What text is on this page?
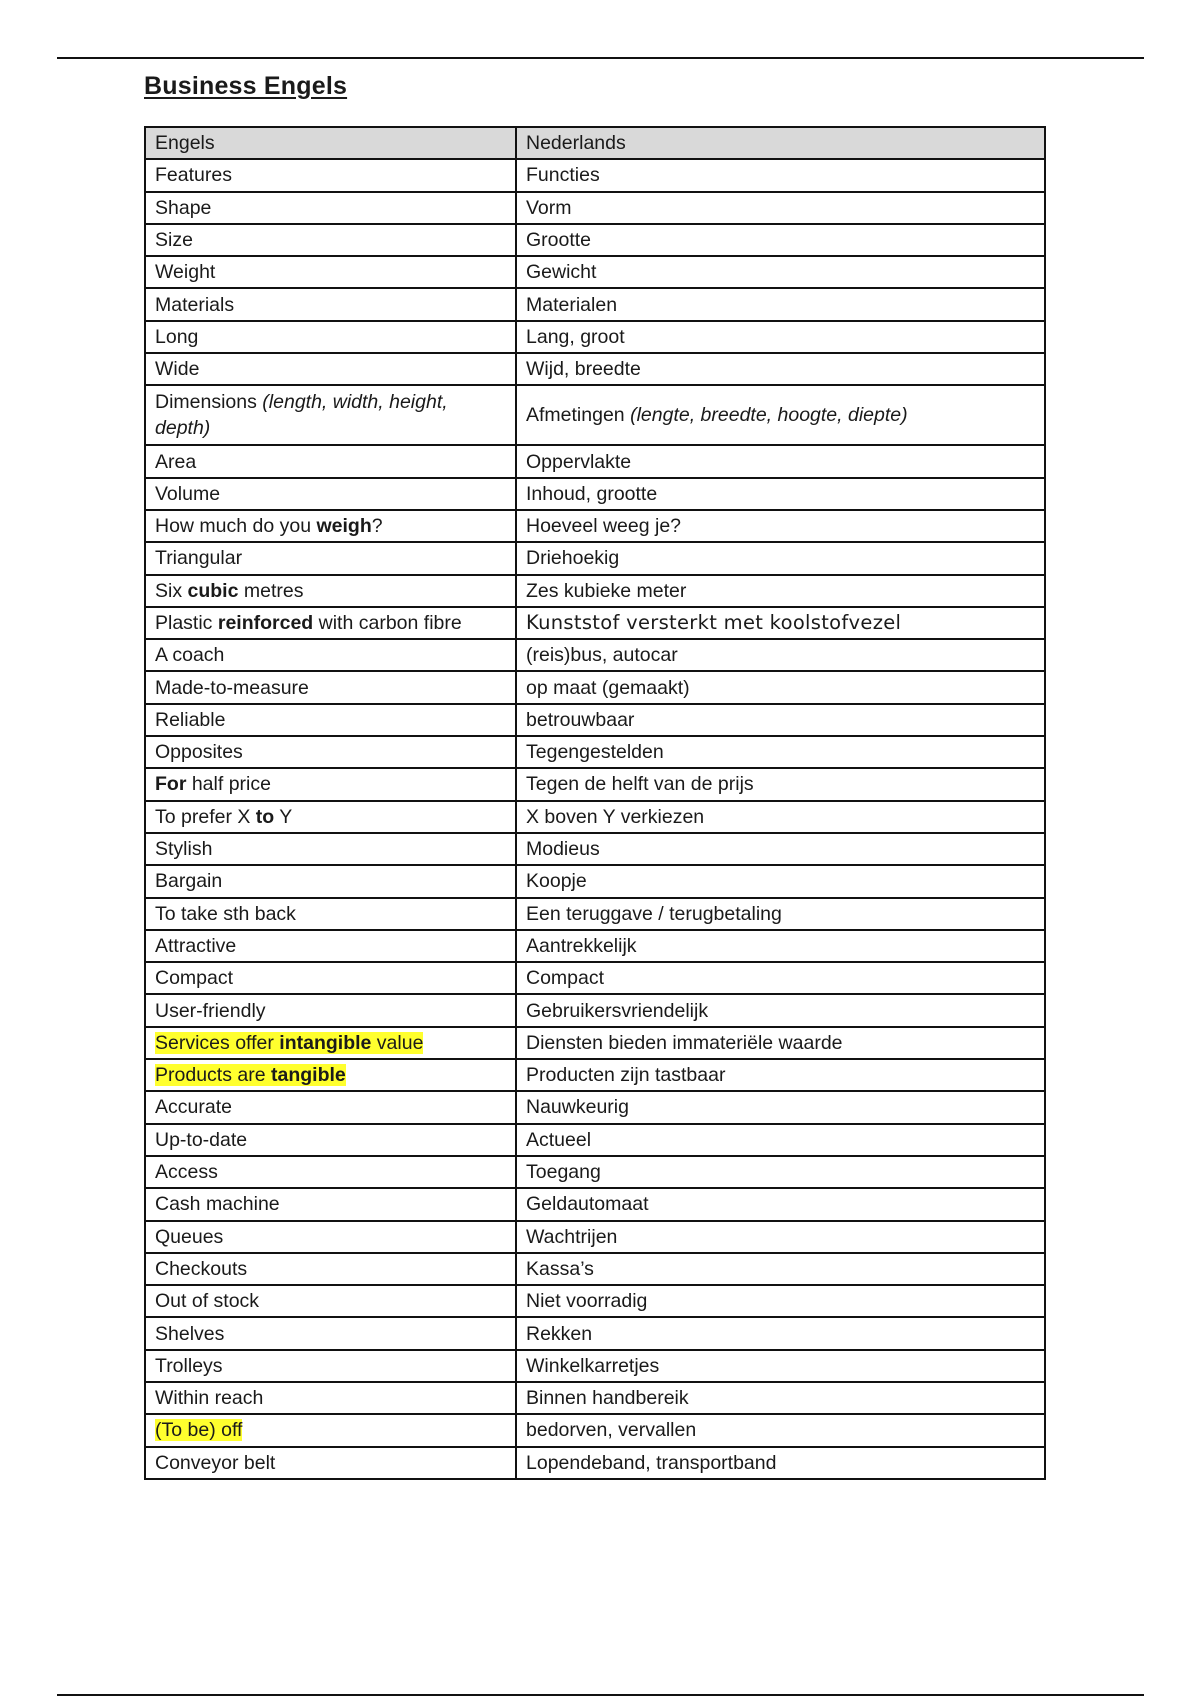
Business Engels
Engels	Nederlands
Features	Functies
Shape	Vorm
Size	Grootte
Weight	Gewicht
Materials	Materialen
Long	Lang, groot
Wide	Wijd, breedte
Dimensions (length, width, height, depth)	Afmetingen (lengte, breedte, hoogte, diepte)
Area	Oppervlakte
Volume	Inhoud, grootte
How much do you weigh?	Hoeveel weeg je?
Triangular	Driehoekig
Six cubic metres	Zes kubieke meter
Plastic reinforced with carbon fibre	Kunststof versterkt met koolstofvezel
A coach	(reis)bus, autocar
Made-to-measure	op maat (gemaakt)
Reliable	betrouwbaar
Opposites	Tegengestelden
For half price	Tegen de helft van de prijs
To prefer X to Y	X boven Y verkiezen
Stylish	Modieus
Bargain	Koopje
To take sth back	Een teruggave / terugbetaling
Attractive	Aantrekkelijk
Compact	Compact
User-friendly	Gebruikersvriendelijk
Services offer intangible value	Diensten bieden immateriële waarde
Products are tangible	Producten zijn tastbaar
Accurate	Nauwkeurig
Up-to-date	Actueel
Access	Toegang
Cash machine	Geldautomaat
Queues	Wachtrijen
Checkouts	Kassa’s
Out of stock	Niet voorradig
Shelves	Rekken
Trolleys	Winkelkarretjes
Within reach	Binnen handbereik
(To be) off	bedorven, vervallen
Conveyor belt	Lopendeband, transportband
